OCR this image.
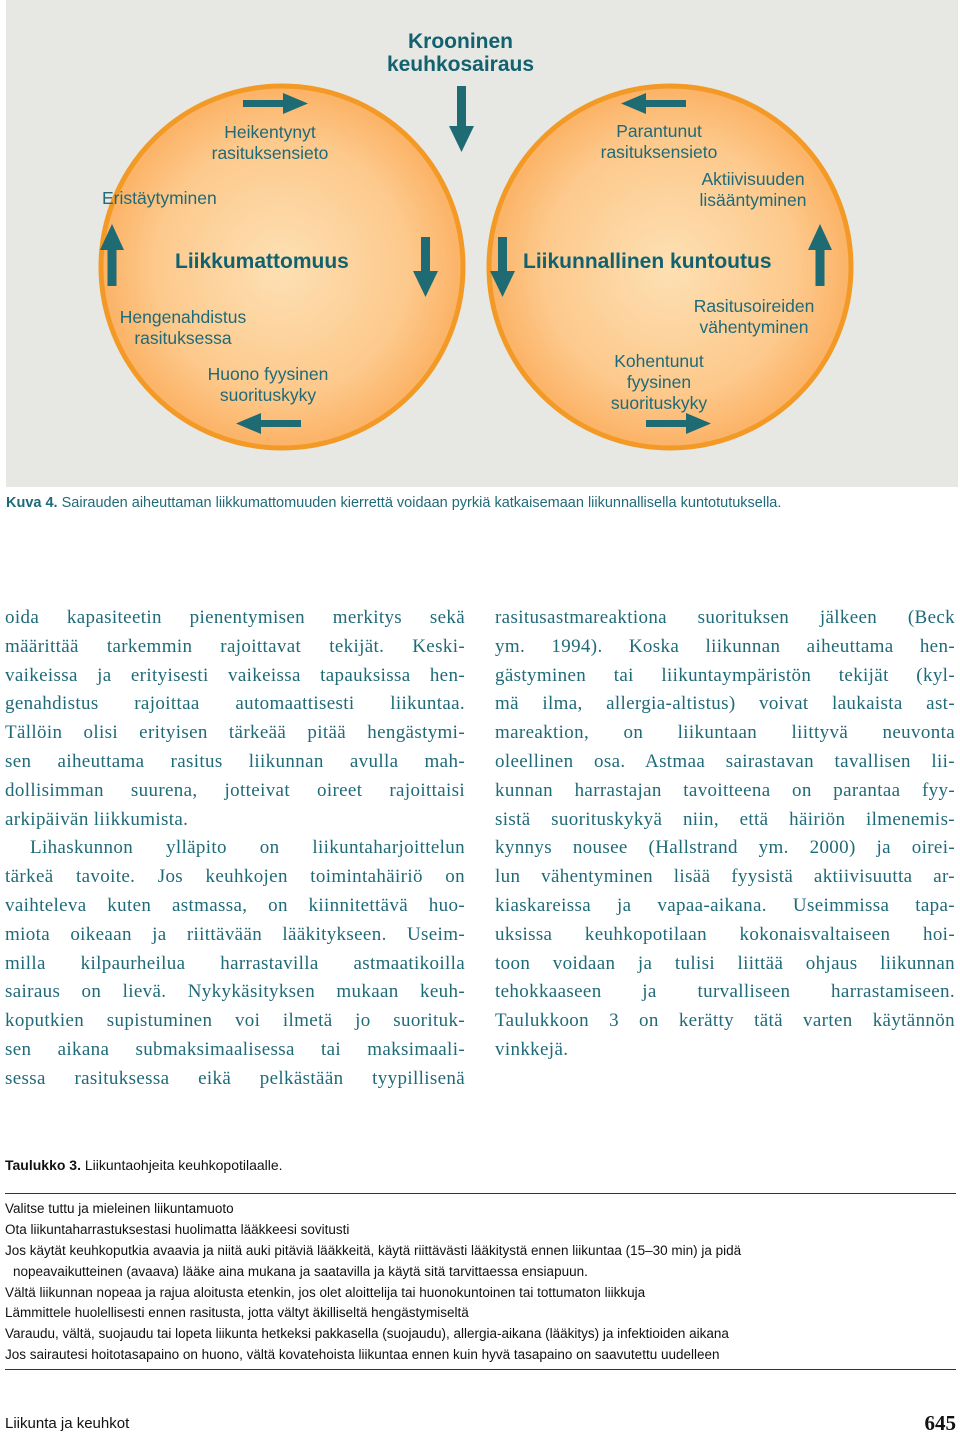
Krooninen
keuhkosairaus
Liikkumattomuus	Liikunnallinen kuntoutus
Heikentynyt
rasituksensieto
Eristäytyminen
Hengenahdistus
rasituksessa
Huono fyysinen
suorituskyky
Parantunut
rasituksensieto
Aktiivisuuden
lisääntyminen
Rasitusoireiden
vähentyminen
Kohentunut
fyysinen
suorituskyky
Kuva 4. Sairauden aiheuttaman liikkumattomuuden kierrettä voidaan pyrkiä katkaisemaan liikunnallisella kuntotutuksella.
oida kapasiteetin pienentymisen merkitys sekä
määrittää tarkemmin rajoittavat tekijät. Keski-
vaikeissa ja erityisesti vaikeissa tapauksissa hen-
genahdistus rajoittaa automaattisesti liikuntaa.
Tällöin olisi erityisen tärkeää pitää hengästymi-
sen aiheuttama rasitus liikunnan avulla mah-
dollisimman suurena, jotteivat oireet rajoittaisi
arkipäivän liikkumista.
Lihaskunnon ylläpito on liikuntaharjoittelun
tärkeä tavoite. Jos keuhkojen toimintahäiriö on
vaihteleva kuten astmassa, on kiinnitettävä huo-
miota oikeaan ja riittävään lääkitykseen. Useim-
milla kilpaurheilua harrastavilla astmaatikoilla
sairaus on lievä. Nykykäsityksen mukaan keuh-
koputkien supistuminen voi ilmetä jo suorituk-
sen aikana submaksimaalisessa tai maksimaali-
sessa rasituksessa eikä pelkästään tyypillisenä
rasitusastmareaktiona suorituksen jälkeen (Beck
ym. 1994). Koska liikunnan aiheuttama hen-
gästyminen tai liikuntaympäristön tekijät (kyl-
mä ilma, allergia-altistus) voivat laukaista ast-
mareaktion, on liikuntaan liittyvä neuvonta
oleellinen osa. Astmaa sairastavan tavallisen lii-
kunnan harrastajan tavoitteena on parantaa fyy-
sistä suorituskykyä niin, että häiriön ilmenemis-
kynnys nousee (Hallstrand ym. 2000) ja oirei-
lun vähentyminen lisää fyysistä aktiivisuutta ar-
kiaskareissa ja vapaa-aikana. Useimmissa tapa-
uksissa keuhkopotilaan kokonaisvaltaiseen hoi-
toon voidaan ja tulisi liittää ohjaus liikunnan
tehokkaaseen ja turvalliseen harrastamiseen.
Taulukkoon 3 on kerätty tätä varten käytännön
vinkkejä.
Taulukko 3. Liikuntaohjeita keuhkopotilaalle.
Valitse tuttu ja mieleinen liikuntamuoto
Ota liikuntaharrastuksestasi huolimatta lääkkeesi sovitusti
Jos käytät keuhkoputkia avaavia ja niitä auki pitäviä lääkkeitä, käytä riittävästi lääkitystä ennen liikuntaa (15–30 min) ja pidä
nopeavaikutteinen (avaava) lääke aina mukana ja saatavilla ja käytä sitä tarvittaessa ensiapuun.
Vältä liikunnan nopeaa ja rajua aloitusta etenkin, jos olet aloittelija tai huonokuntoinen tai tottumaton liikkuja
Lämmittele huolellisesti ennen rasitusta, jotta vältyt äkilliseltä hengästymiseltä
Varaudu, vältä, suojaudu tai lopeta liikunta hetkeksi pakkasella (suojaudu), allergia-aikana (lääkitys) ja infektioiden aikana
Jos sairautesi hoitotasapaino on huono, vältä kovatehoista liikuntaa ennen kuin hyvä tasapaino on saavutettu uudelleen
Liikunta ja keuhkot	645
